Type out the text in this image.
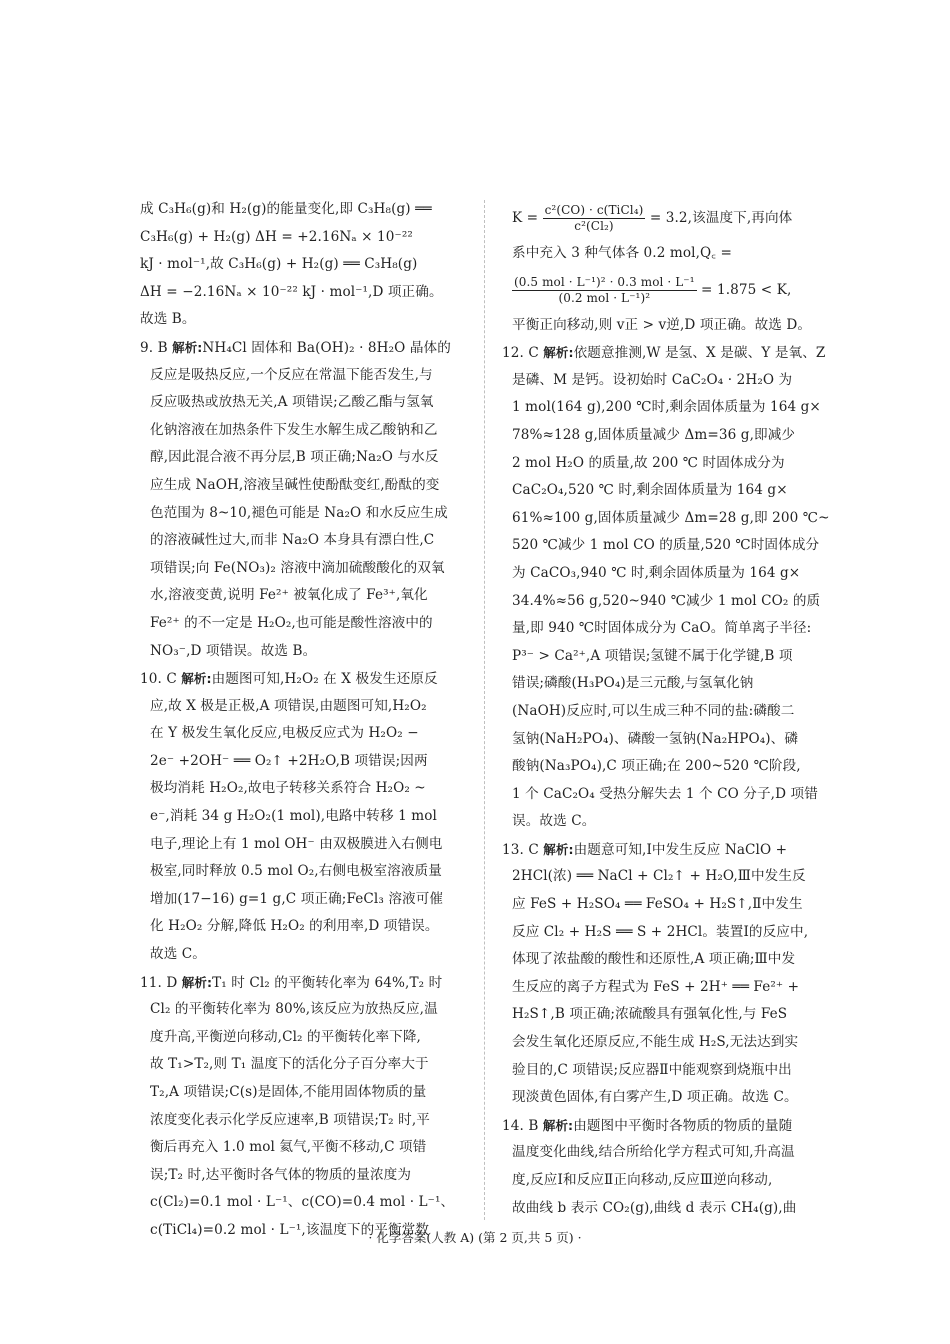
成 C₃H₆(g)和 H₂(g)的能量变化,即 C₃H₈(g) ══
C₃H₆(g) + H₂(g) ΔH = +2.16Nₐ × 10⁻²²
kJ · mol⁻¹,故 C₃H₆(g) + H₂(g) ══ C₃H₈(g)
ΔH = −2.16Nₐ × 10⁻²² kJ · mol⁻¹,D 项正确。
故选 B。
9. B 解析:NH₄Cl 固体和 Ba(OH)₂ · 8H₂O 晶体的
反应是吸热反应,一个反应在常温下能否发生,与
反应吸热或放热无关,A 项错误;乙酸乙酯与氢氧
化钠溶液在加热条件下发生水解生成乙酸钠和乙
醇,因此混合液不再分层,B 项正确;Na₂O 与水反
应生成 NaOH,溶液呈碱性使酚酞变红,酚酞的变
色范围为 8~10,褪色可能是 Na₂O 和水反应生成
的溶液碱性过大,而非 Na₂O 本身具有漂白性,C
项错误;向 Fe(NO₃)₂ 溶液中滴加硫酸酸化的双氧
水,溶液变黄,说明 Fe²⁺ 被氧化成了 Fe³⁺,氧化
Fe²⁺ 的不一定是 H₂O₂,也可能是酸性溶液中的
NO₃⁻,D 项错误。故选 B。
10. C 解析:由题图可知,H₂O₂ 在 X 极发生还原反
应,故 X 极是正极,A 项错误,由题图可知,H₂O₂
在 Y 极发生氧化反应,电极反应式为 H₂O₂ −
2e⁻ +2OH⁻ ══ O₂↑ +2H₂O,B 项错误;因两
极均消耗 H₂O₂,故电子转移关系符合 H₂O₂ ~
e⁻,消耗 34 g H₂O₂(1 mol),电路中转移 1 mol
电子,理论上有 1 mol OH⁻ 由双极膜进入右侧电
极室,同时释放 0.5 mol O₂,右侧电极室溶液质量
增加(17−16) g=1 g,C 项正确;FeCl₃ 溶液可催
化 H₂O₂ 分解,降低 H₂O₂ 的利用率,D 项错误。
故选 C。
11. D 解析:T₁ 时 Cl₂ 的平衡转化率为 64%,T₂ 时
Cl₂ 的平衡转化率为 80%,该反应为放热反应,温
度升高,平衡逆向移动,Cl₂ 的平衡转化率下降,
故 T₁>T₂,则 T₁ 温度下的活化分子百分率大于
T₂,A 项错误;C(s)是固体,不能用固体物质的量
浓度变化表示化学反应速率,B 项错误;T₂ 时,平
衡后再充入 1.0 mol 氦气,平衡不移动,C 项错
误;T₂ 时,达平衡时各气体的物质的量浓度为
c(Cl₂)=0.1 mol · L⁻¹、c(CO)=0.4 mol · L⁻¹、
c(TiCl₄)=0.2 mol · L⁻¹,该温度下的平衡常数
$K = \frac{\text{c²(CO) · c(TiCl₄)}}{\text{c²(Cl₂)}} = 3.2$,该温度下,再向体
系中充入 3 种气体各 0.2 mol,Q꜀ =
$\frac{\text{(0.5 mol · L⁻¹)² · 0.3 mol · L⁻¹}}{\text{(0.2 mol · L⁻¹)²}} = 1.875 < K$,
平衡正向移动,则 v正 > v逆,D 项正确。故选 D。
12. C 解析:依题意推测,W 是氢、X 是碳、Y 是氧、Z
是磷、M 是钙。设初始时 CaC₂O₄ · 2H₂O 为
1 mol(164 g),200 ℃时,剩余固体质量为 164 g×
78%≈128 g,固体质量减少 Δm=36 g,即减少
2 mol H₂O 的质量,故 200 ℃ 时固体成分为
CaC₂O₄,520 ℃ 时,剩余固体质量为 164 g×
61%≈100 g,固体质量减少 Δm=28 g,即 200 ℃~
520 ℃减少 1 mol CO 的质量,520 ℃时固体成分
为 CaCO₃,940 ℃ 时,剩余固体质量为 164 g×
34.4%≈56 g,520~940 ℃减少 1 mol CO₂ 的质
量,即 940 ℃时固体成分为 CaO。简单离子半径:
P³⁻ > Ca²⁺,A 项错误;氢键不属于化学键,B 项
错误;磷酸(H₃PO₄)是三元酸,与氢氧化钠
(NaOH)反应时,可以生成三种不同的盐:磷酸二
氢钠(NaH₂PO₄)、磷酸一氢钠(Na₂HPO₄)、磷
酸钠(Na₃PO₄),C 项正确;在 200~520 ℃阶段,
1 个 CaC₂O₄ 受热分解失去 1 个 CO 分子,D 项错
误。故选 C。
13. C 解析:由题意可知,Ⅰ中发生反应 NaClO +
2HCl(浓) ══ NaCl + Cl₂↑ + H₂O,Ⅲ中发生反
应 FeS + H₂SO₄ ══ FeSO₄ + H₂S↑,Ⅱ中发生
反应 Cl₂ + H₂S ══ S + 2HCl。装置Ⅰ的反应中,
体现了浓盐酸的酸性和还原性,A 项正确;Ⅲ中发
生反应的离子方程式为 FeS + 2H⁺ ══ Fe²⁺ +
H₂S↑,B 项正确;浓硫酸具有强氧化性,与 FeS
会发生氧化还原反应,不能生成 H₂S,无法达到实
验目的,C 项错误;反应器Ⅱ中能观察到烧瓶中出
现淡黄色固体,有白雾产生,D 项正确。故选 C。
14. B 解析:由题图中平衡时各物质的物质的量随
温度变化曲线,结合所给化学方程式可知,升高温
度,反应Ⅰ和反应Ⅱ正向移动,反应Ⅲ逆向移动,
故曲线 b 表示 CO₂(g),曲线 d 表示 CH₄(g),曲
· 化学答案(人教 A) (第 2 页,共 5 页) ·
